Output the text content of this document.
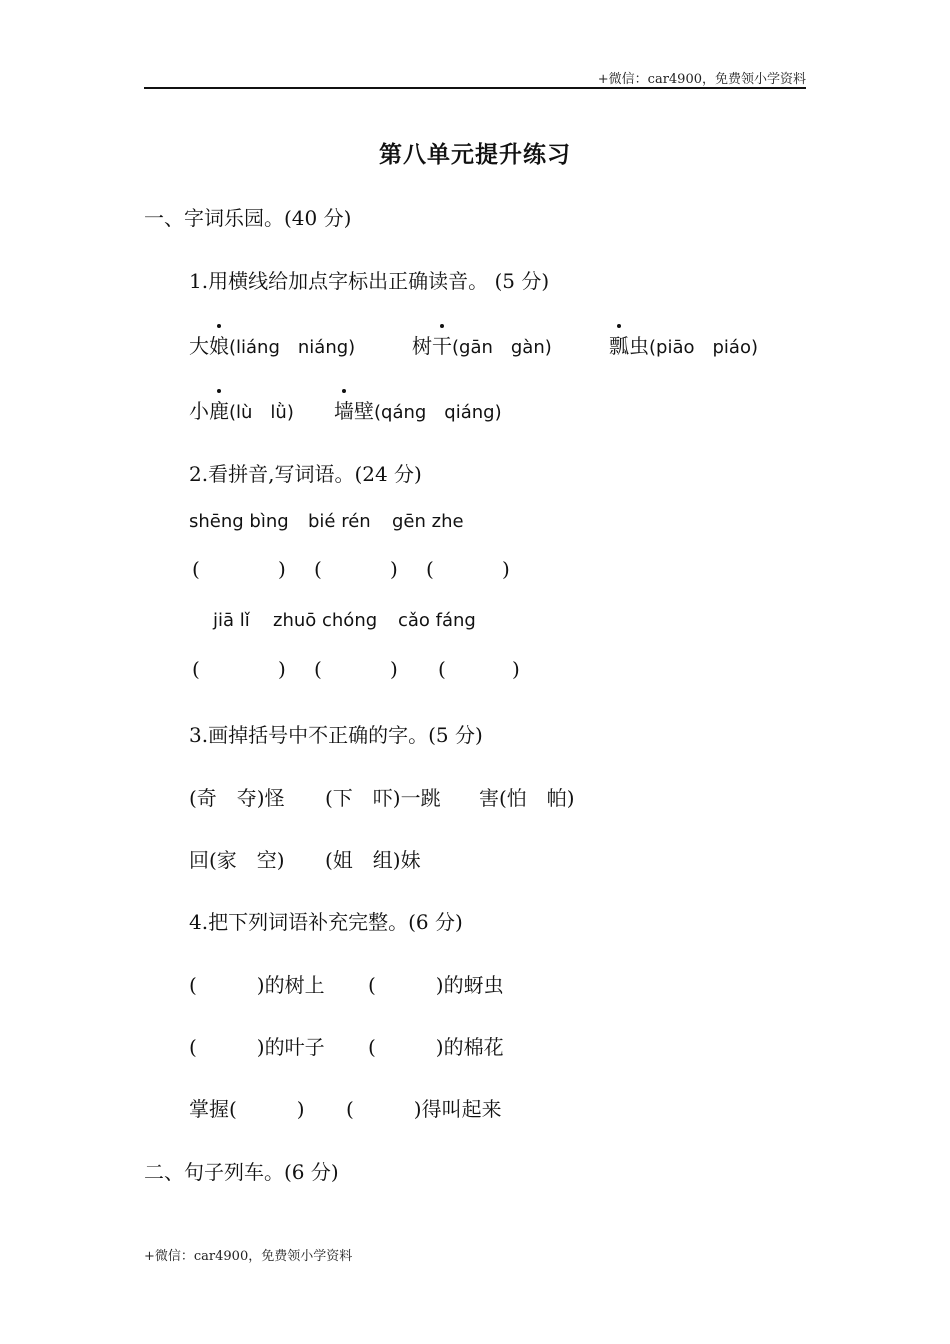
+微信：car4900，免费领小学资料
第八单元提升练习
一、字词乐园。(40 分)
1.用横线给加点字标出正确读音。 (5 分)
大娘(liáng　niáng)	树干(gān　gàn)	瓢虫(piāo　piáo)
小鹿(lù　lǜ) 墙壁(qáng　qiáng)
2.看拼音,写词语。(24 分)
shēng bìng bié rén gēn zhe
(	) (	) (	)
jiā lǐ zhuō chóng cǎo fáng
(	) (	) (	)
3.画掉括号中不正确的字。(5 分)
(奇　夺)怪 (下　吓)一跳 害(怕　帕)
回(家　空) (姐　组)妹
4.把下列词语补充完整。(6 分)
(　　　)的树上 (　　　)的蚜虫
(　　　)的叶子 (　　　)的棉花
掌握(　　　) (　　　)得叫起来
二、句子列车。(6 分)
+微信：car4900，免费领小学资料
